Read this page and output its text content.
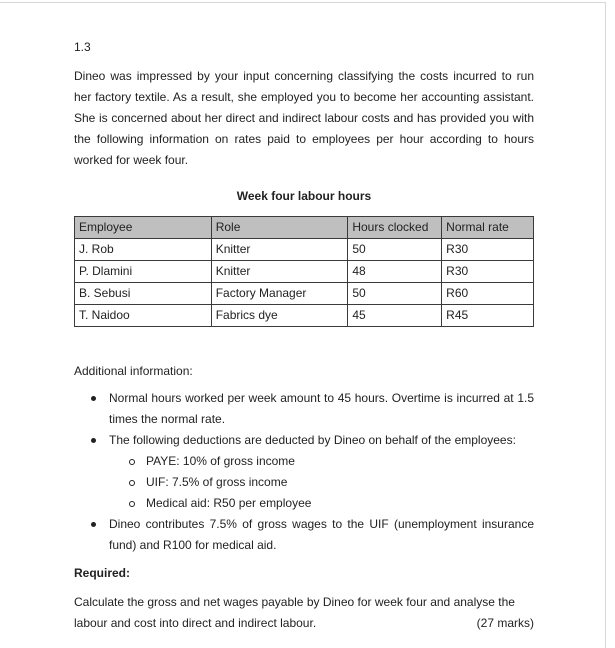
1.3

Dineo was impressed by your input concerning classifying the costs incurred to run her factory textile. As a result, she employed you to become her accounting assistant. She is concerned about her direct and indirect labour costs and has provided you with the following information on rates paid to employees per hour according to hours worked for week four.

Week four labour hours

Employee	Role	Hours clocked	Normal rate
J. Rob	Knitter	50	R30
P. Dlamini	Knitter	48	R30
B. Sebusi	Factory Manager	50	R60
T. Naidoo	Fabrics dye	45	R45

Additional information:

Normal hours worked per week amount to 45 hours. Overtime is incurred at 1.5 times the normal rate.
The following deductions are deducted by Dineo on behalf of the employees:
PAYE: 10% of gross income
UIF: 7.5% of gross income
Medical aid: R50 per employee
Dineo contributes 7.5% of gross wages to the UIF (unemployment insurance fund) and R100 for medical aid.

Required:

Calculate the gross and net wages payable by Dineo for week four and analyse the

labour and cost into direct and indirect labour.	(27 marks)
